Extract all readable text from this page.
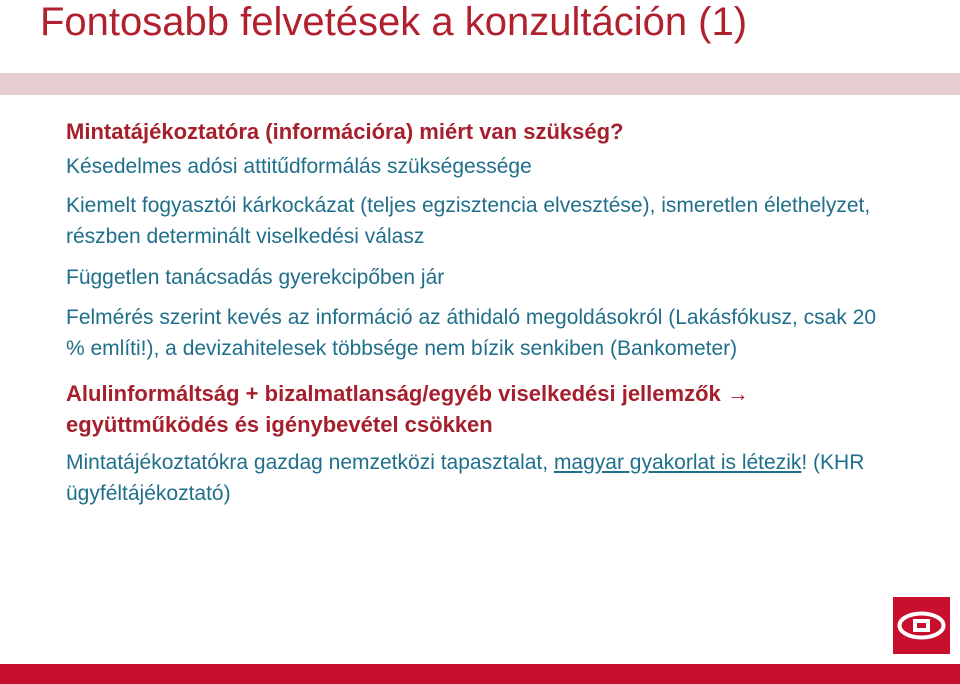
Fontosabb felvetések a konzultáción (1)

Mintatájékoztatóra (információra) miért van szükség?

Késedelmes adósi attitűdformálás szükségessége

Kiemelt fogyasztói kárkockázat (teljes egzisztencia elvesztése), ismeretlen élethelyzet, részben determinált viselkedési válasz

Független tanácsadás gyerekcipőben jár

Felmérés szerint kevés az információ az áthidaló megoldásokról (Lakásfókusz, csak 20 % említi!), a devizahitelesek többsége nem bízik senkiben (Bankometer)

Alulinformáltság + bizalmatlanság/egyéb viselkedési jellemzők → együttműködés és igénybevétel csökken

Mintatájékoztatókra gazdag nemzetközi tapasztalat, magyar gyakorlat is létezik! (KHR ügyféltájékoztató)
